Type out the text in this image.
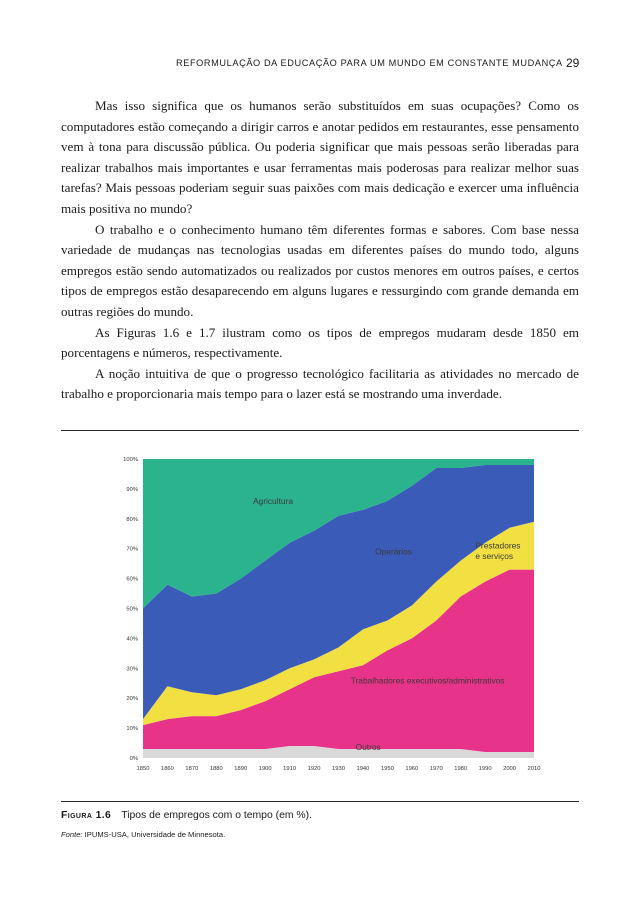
REFORMULAÇÃO DA EDUCAÇÃO PARA UM MUNDO EM CONSTANTE MUDANÇA 29

Mas isso significa que os humanos serão substituídos em suas ocupações? Como os computadores estão começando a dirigir carros e anotar pedidos em restaurantes, esse pensamento vem à tona para discussão pública. Ou poderia significar que mais pessoas serão liberadas para realizar trabalhos mais importantes e usar ferramentas mais poderosas para realizar melhor suas tarefas? Mais pessoas poderiam seguir suas paixões com mais dedicação e exercer uma influência mais positiva no mundo?

O trabalho e o conhecimento humano têm diferentes formas e sabores. Com base nessa variedade de mudanças nas tecnologias usadas em diferentes países do mundo todo, alguns empregos estão sendo automatizados ou realizados por custos menores em outros países, e certos tipos de empregos estão desaparecendo em alguns lugares e ressurgindo com grande demanda em outras regiões do mundo.

As Figuras 1.6 e 1.7 ilustram como os tipos de empregos mudaram desde 1850 em porcentagens e números, respectivamente.

A noção intuitiva de que o progresso tecnológico facilitaria as atividades no mercado de trabalho e proporcionaria mais tempo para o lazer está se mostrando uma inverdade.

0%
10%
20%
30%
40%
50%
60%
70%
80%
90%
100%
1850 1860 1870 1880 1890 1900 1910 1920 1930 1940 1950 1960 1970 1980 1990 2000 2010
Agricultura
Operários
Prestadores
e serviços
Trabalhadores executivos/administrativos
Outros
Figura 1.6 Tipos de empregos com o tempo (em %).
Fonte: IPUMS-USA, Universidade de Minnesota.
